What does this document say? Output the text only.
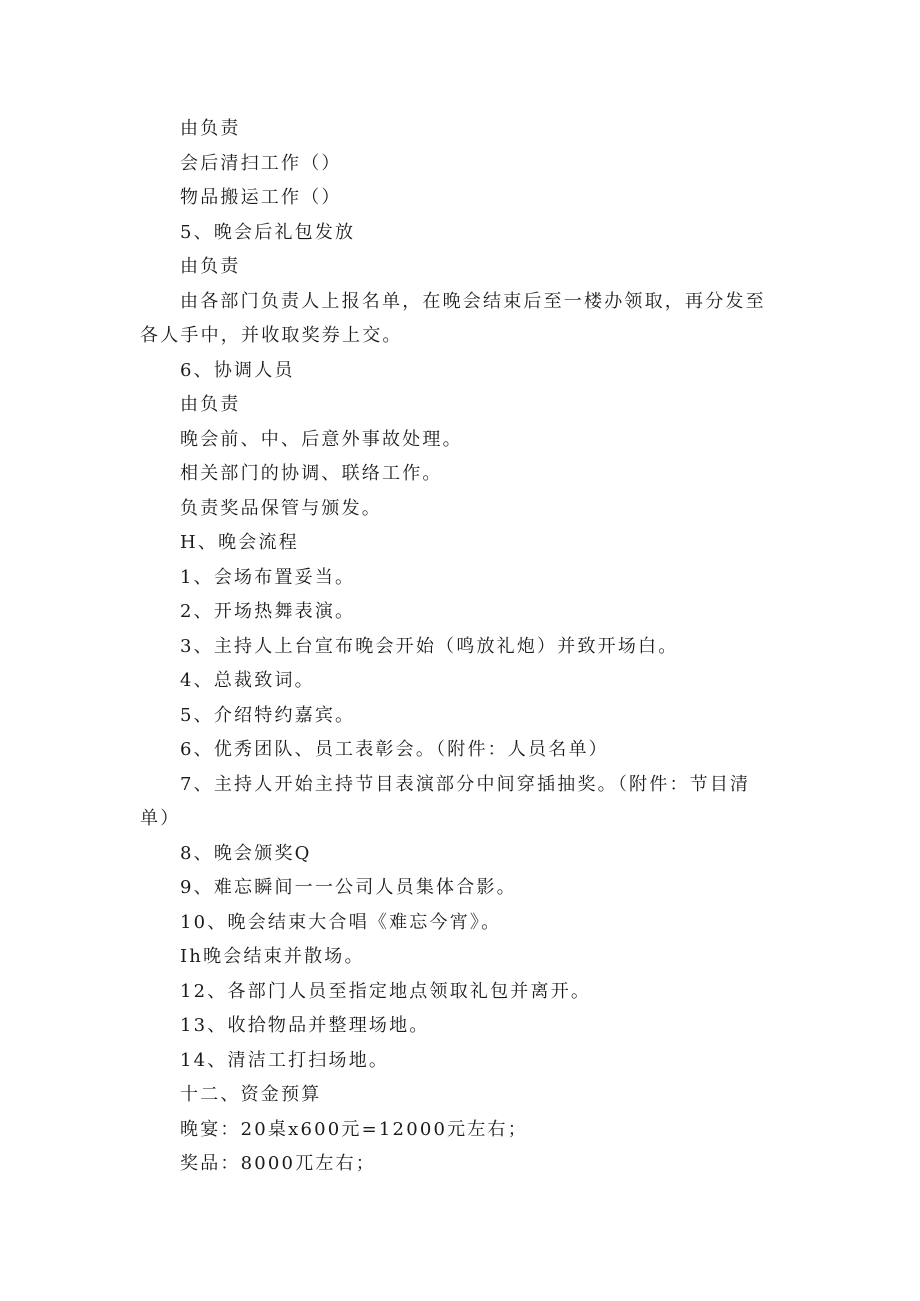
由负责
会后清扫工作（）
物品搬运工作（）
5、晚会后礼包发放
由负责
由各部门负责人上报名单，在晚会结束后至一楼办领取，再分发至
各人手中，并收取奖券上交。
6、协调人员
由负责
晚会前、中、后意外事故处理。
相关部门的协调、联络工作。
负责奖品保管与颁发。
H、晚会流程
1、会场布置妥当。
2、开场热舞表演。
3、主持人上台宣布晚会开始（鸣放礼炮）并致开场白。
4、总裁致词。
5、介绍特约嘉宾。
6、优秀团队、员工表彰会。（附件：人员名单）
7、主持人开始主持节目表演部分中间穿插抽奖。（附件：节目清
单）
8、晚会颁奖Q
9、难忘瞬间一一公司人员集体合影。
10、晚会结束大合唱《难忘今宵》。
Ih晚会结束并散场。
12、各部门人员至指定地点领取礼包并离开。
13、收拾物品并整理场地。
14、清洁工打扫场地。
十二、资金预算
晚宴：20桌x600元=12000元左右；
奖品：8000兀左右；
